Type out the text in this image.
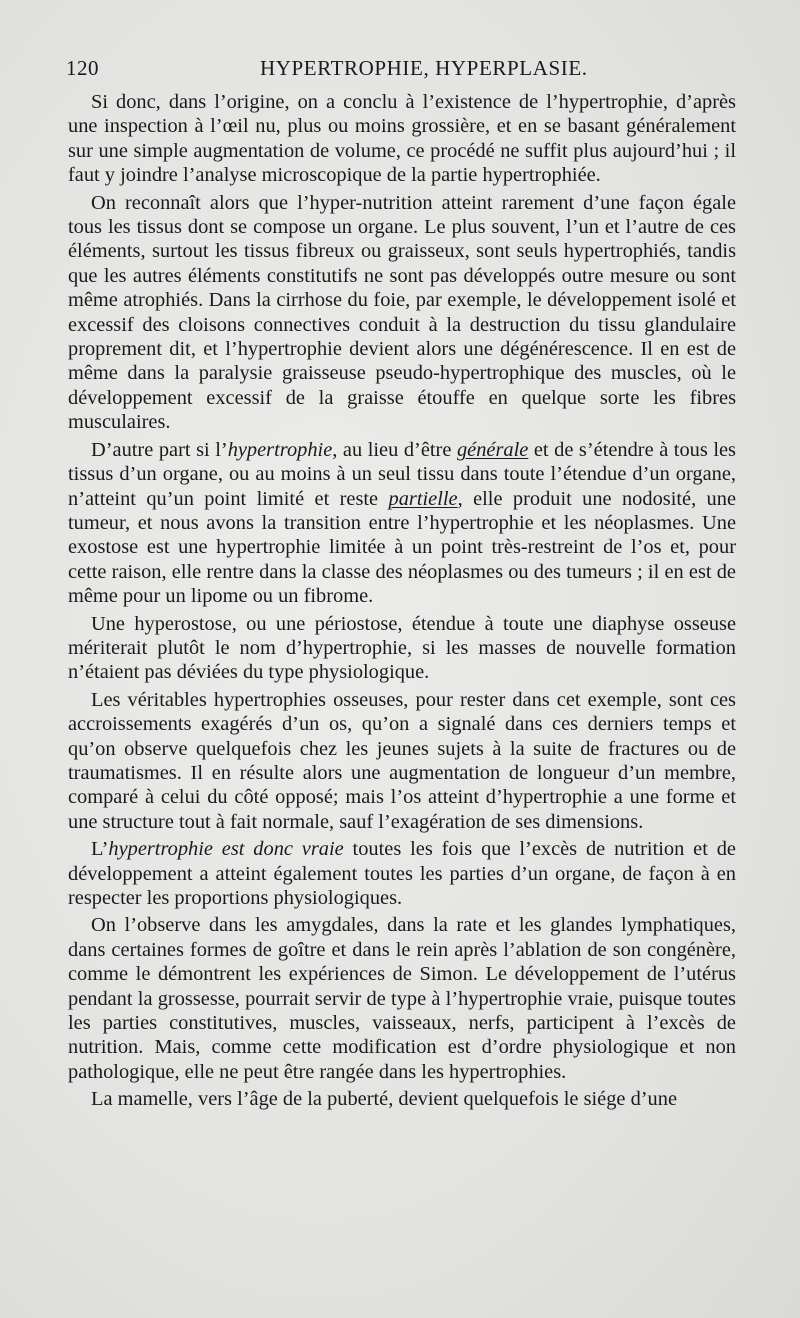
120	HYPERTROPHIE, HYPERPLASIE.

Si donc, dans l’origine, on a conclu à l’existence de l’hypertrophie, d’après une inspection à l’œil nu, plus ou moins grossière, et en se basant généralement sur une simple augmentation de volume, ce procédé ne suffit plus aujourd’hui ; il faut y joindre l’analyse microscopique de la partie hypertrophiée.

On reconnaît alors que l’hyper-nutrition atteint rarement d’une façon égale tous les tissus dont se compose un organe. Le plus souvent, l’un et l’autre de ces éléments, surtout les tissus fibreux ou graisseux, sont seuls hypertrophiés, tandis que les autres éléments constitutifs ne sont pas développés outre mesure ou sont même atrophiés. Dans la cirrhose du foie, par exemple, le développement isolé et excessif des cloisons connectives conduit à la destruction du tissu glandulaire proprement dit, et l’hypertrophie devient alors une dégénérescence. Il en est de même dans la paralysie graisseuse pseudo-hypertrophique des muscles, où le développement excessif de la graisse étouffe en quelque sorte les fibres musculaires.

D’autre part si l’hypertrophie, au lieu d’être générale et de s’étendre à tous les tissus d’un organe, ou au moins à un seul tissu dans toute l’étendue d’un organe, n’atteint qu’un point limité et reste partielle, elle produit une nodosité, une tumeur, et nous avons la transition entre l’hypertrophie et les néoplasmes. Une exostose est une hypertrophie limitée à un point très-restreint de l’os et, pour cette raison, elle rentre dans la classe des néoplasmes ou des tumeurs ; il en est de même pour un lipome ou un fibrome.

Une hyperostose, ou une périostose, étendue à toute une diaphyse osseuse mériterait plutôt le nom d’hypertrophie, si les masses de nouvelle formation n’étaient pas déviées du type physiologique.

Les véritables hypertrophies osseuses, pour rester dans cet exemple, sont ces accroissements exagérés d’un os, qu’on a signalé dans ces derniers temps et qu’on observe quelquefois chez les jeunes sujets à la suite de fractures ou de traumatismes. Il en résulte alors une augmentation de longueur d’un membre, comparé à celui du côté opposé; mais l’os atteint d’hypertrophie a une forme et une structure tout à fait normale, sauf l’exagération de ses dimensions.

L’hypertrophie est donc vraie toutes les fois que l’excès de nutrition et de développement a atteint également toutes les parties d’un organe, de façon à en respecter les proportions physiologiques.

On l’observe dans les amygdales, dans la rate et les glandes lymphatiques, dans certaines formes de goître et dans le rein après l’ablation de son congénère, comme le démontrent les expériences de Simon. Le développement de l’utérus pendant la grossesse, pourrait servir de type à l’hypertrophie vraie, puisque toutes les parties constitutives, muscles, vaisseaux, nerfs, participent à l’excès de nutrition. Mais, comme cette modification est d’ordre physiologique et non pathologique, elle ne peut être rangée dans les hypertrophies.

La mamelle, vers l’âge de la puberté, devient quelquefois le siége d’une
